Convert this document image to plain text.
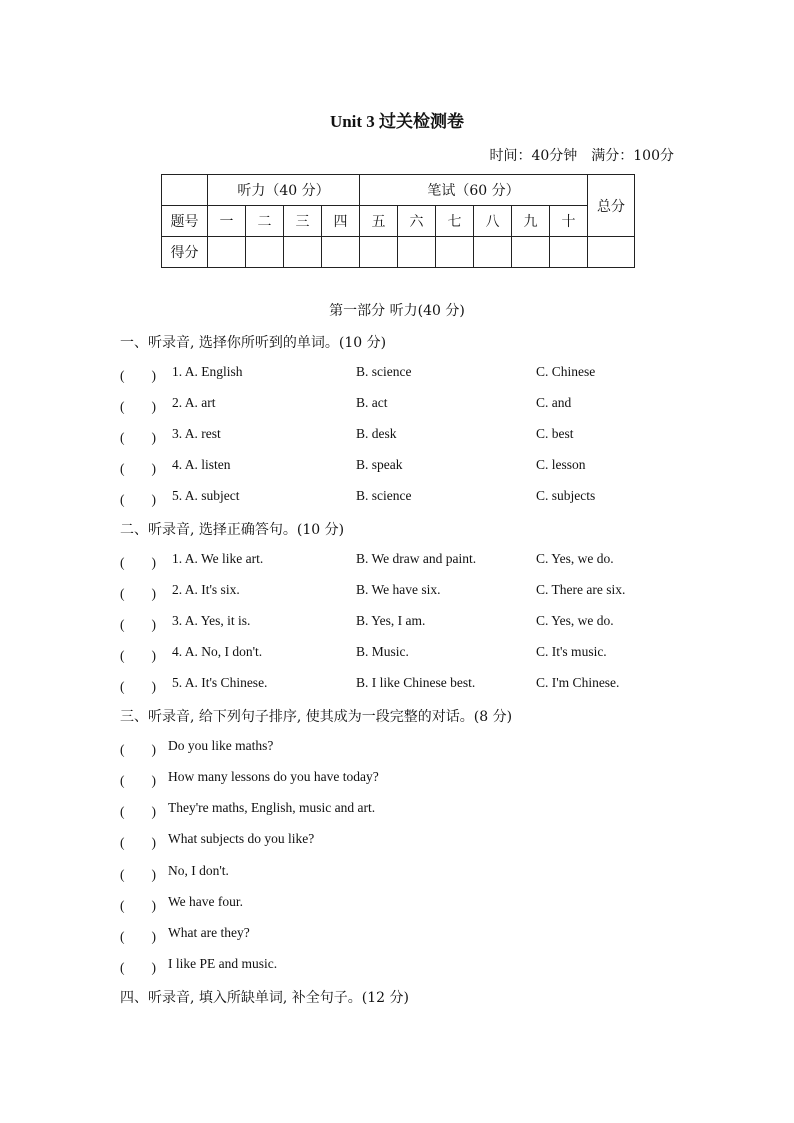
Unit 3 过关检测卷
时间：40分钟　满分：100分
	听力（40 分）				笔试（60 分）						总分
题号	一	二	三	四	五	六	七	八	九	十	
得分											
第一部分 听力(40 分)
一、听录音, 选择你所听到的单词。(10 分)
(　　) 1. A. English	B. science	C. Chinese
(　　) 2. A. art	B. act	C. and
(　　) 3. A. rest	B. desk	C. best
(　　) 4. A. listen	B. speak	C. lesson
(　　) 5. A. subject	B. science	C. subjects
二、听录音, 选择正确答句。(10 分)
(　　) 1. A. We like art.	B. We draw and paint.	C. Yes, we do.
(　　) 2. A. It's six.	B. We have six.	C. There are six.
(　　) 3. A. Yes, it is.	B. Yes, I am.	C. Yes, we do.
(　　) 4. A. No, I don't.	B. Music.	C. It's music.
(　　) 5. A. It's Chinese.	B. I like Chinese best.	C. I'm Chinese.
三、听录音, 给下列句子排序, 使其成为一段完整的对话。(8 分)
(　　) Do you like maths?
(　　) How many lessons do you have today?
(　　) They're maths, English, music and art.
(　　) What subjects do you like?
(　　) No, I don't.
(　　) We have four.
(　　) What are they?
(　　) I like PE and music.
四、听录音, 填入所缺单词, 补全句子。(12 分)
